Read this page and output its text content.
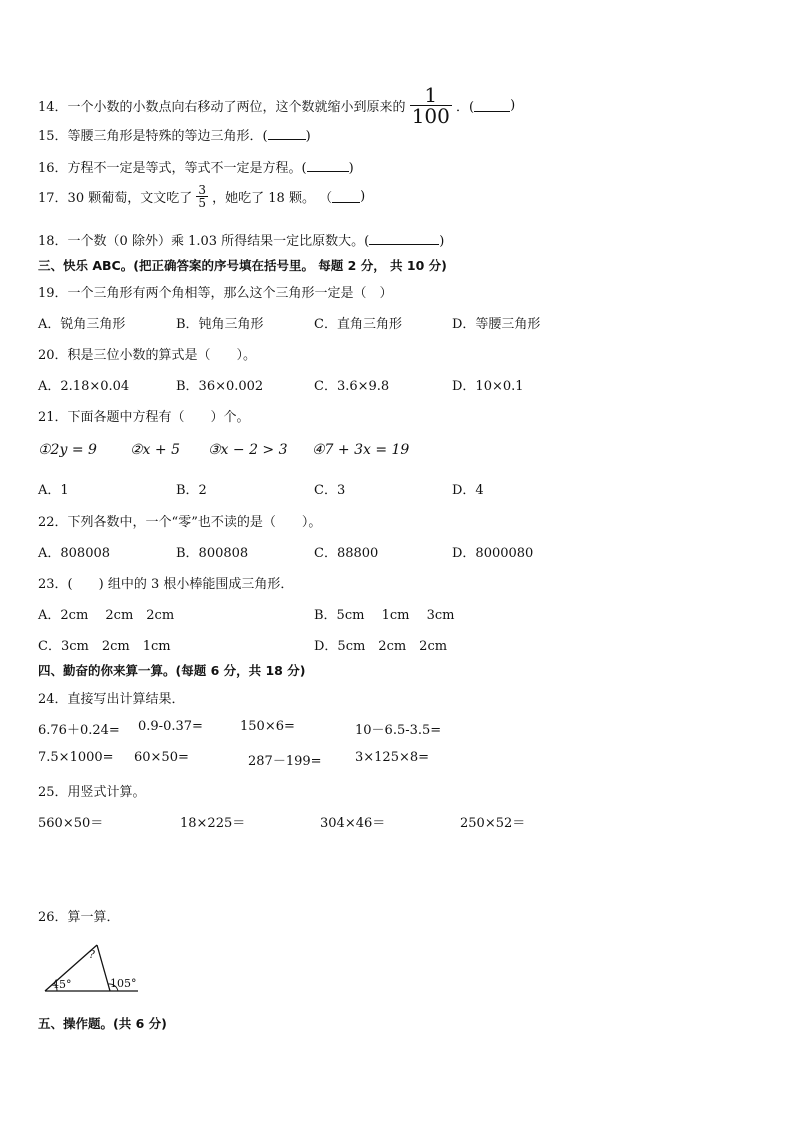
14．一个小数的小数点向右移动了两位，这个数就缩小到原来的 $\frac{1}{100}$ ．(	)
15．等腰三角形是特殊的等边三角形．(	)
16．方程不一定是等式，等式不一定是方程。(	)
17．30 颗葡萄，文文吃了 $\frac{3}{5}$ ，她吃了 18 颗。 （ )
18．一个数（0 除外）乘 1.03 所得结果一定比原数大。(	)
三、快乐 ABC。(把正确答案的序号填在括号里。 每题 2 分， 共 10 分)
19．一个三角形有两个角相等，那么这个三角形一定是（　）
A．锐角三角形	B．钝角三角形	C．直角三角形	D．等腰三角形
20．积是三位小数的算式是（　　）。
A．2.18×0.04	B．36×0.002	C．3.6×9.8	D．10×0.1
21．下面各题中方程有（　　）个。
①2y = 9 ②x + 5 ③x − 2 > 3 ④7 + 3x = 19
A．1	B．2	C．3	D．4
22．下列各数中，一个“零”也不读的是（　　）。
A．808008	B．800808	C．88800	D．8000080
23．(　　) 组中的 3 根小棒能围成三角形．
A．2cm　 2cm　2cm	B．5cm　 1cm　 3cm
C．3cm　2cm　1cm	D．5cm　2cm　2cm
四、勤奋的你来算一算。(每题 6 分，共 18 分)
24．直接写出计算结果．
6.76＋0.24= 0.9-0.37=	150×6=	10－6.5-3.5=
7.5×1000= 60×50=	287－199=	3×125×8=
25．用竖式计算。
560×50＝	18×225＝	304×46＝	250×52＝
26．算一算．
45°	105°
?
五、操作题。(共 6 分)
